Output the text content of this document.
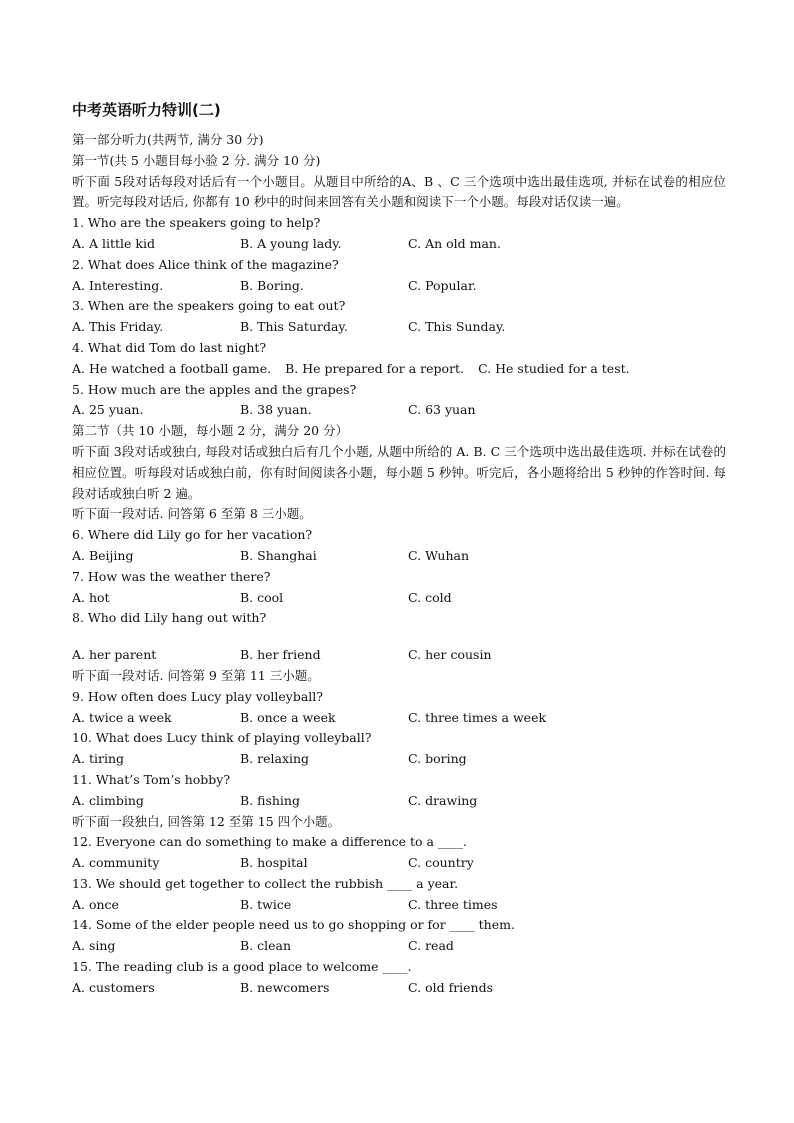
中考英语听力特训(二)
第一部分听力(共两节, 满分 30 分)
第一节(共 5 小题目每小验 2 分. 满分 10 分)
听下面 5段对话每段对话后有一个小题目。从题目中所给的A、B 、C 三个选项中选出最佳选项, 并标在试卷的相应位置。听完每段对话后, 你都有 10 秒中的时间来回答有关小题和阅读下一个小题。每段对话仅读一遍。
1. Who are the speakers going to help?
A. A little kid	B. A young lady.	C. An old man.
2. What does Alice think of the magazine?
A. Interesting.	B. Boring.	C. Popular.
3. When are the speakers going to eat out?
A. This Friday.	B. This Saturday.	C. This Sunday.
4. What did Tom do last night?
A. He watched a football game. B. He prepared for a report. C. He studied for a test.
5. How much are the apples and the grapes?
A. 25 yuan.	B. 38 yuan.	C. 63 yuan
第二节（共 10 小题，每小题 2 分，满分 20 分）
听下面 3段对话或独白, 每段对话或独白后有几个小题, 从题中所给的 A. B. C 三个选项中选出最佳选项. 并标在试卷的相应位置。听每段对话或独白前，你有时间阅读各小题，每小题 5 秒钟。听完后，各小题将给出 5 秒钟的作答时间. 每段对话或独白听 2 遍。
听下面一段对话. 问答第 6 至第 8 三小题。
6. Where did Lily go for her vacation?
A. Beijing	B. Shanghai	C. Wuhan
7. How was the weather there?
A. hot	B. cool	C. cold
8. Who did Lily hang out with?
A. her parent	B. her friend	C. her cousin
听下面一段对话. 问答第 9 至第 11 三小题。
9. How often does Lucy play volleyball?
A. twice a week	B. once a week	C. three times a week
10. What does Lucy think of playing volleyball?
A. tiring	B. relaxing	C. boring
11. What’s Tom’s hobby?
A. climbing	B. fishing	C. drawing
听下面一段独白, 回答第 12 至第 15 四个小题。
12. Everyone can do something to make a difference to a ____.
A. community	B. hospital	C. country
13. We should get together to collect the rubbish ____ a year.
A. once	B. twice	C. three times
14. Some of the elder people need us to go shopping or for ____ them.
A. sing	B. clean	C. read
15. The reading club is a good place to welcome ____.
A. customers	B. newcomers	C. old friends
